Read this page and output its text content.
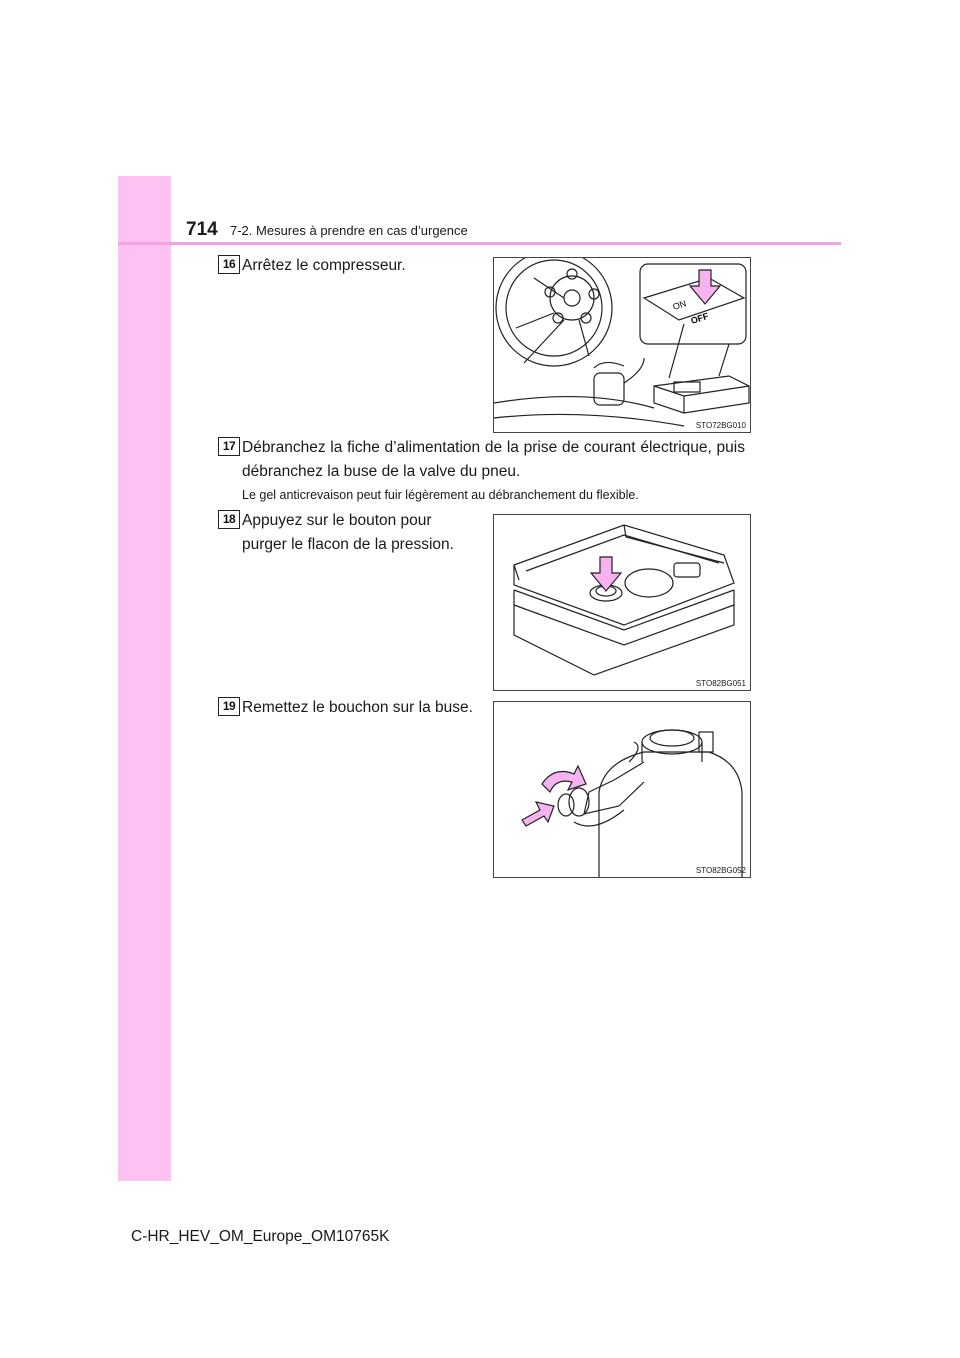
714 7-2. Mesures à prendre en cas d’urgence
16 Arrêtez le compresseur.
ON
OFF
STO72BG010
17 Débranchez la fiche d’alimentation de la prise de courant électrique, puis débranchez la buse de la valve du pneu.
Le gel anticrevaison peut fuir légèrement au débranchement du flexible.
18 Appuyez sur le bouton pour purger le flacon de la pression.
STO82BG051
19 Remettez le bouchon sur la buse.
STO82BG052
C-HR_HEV_OM_Europe_OM10765K
